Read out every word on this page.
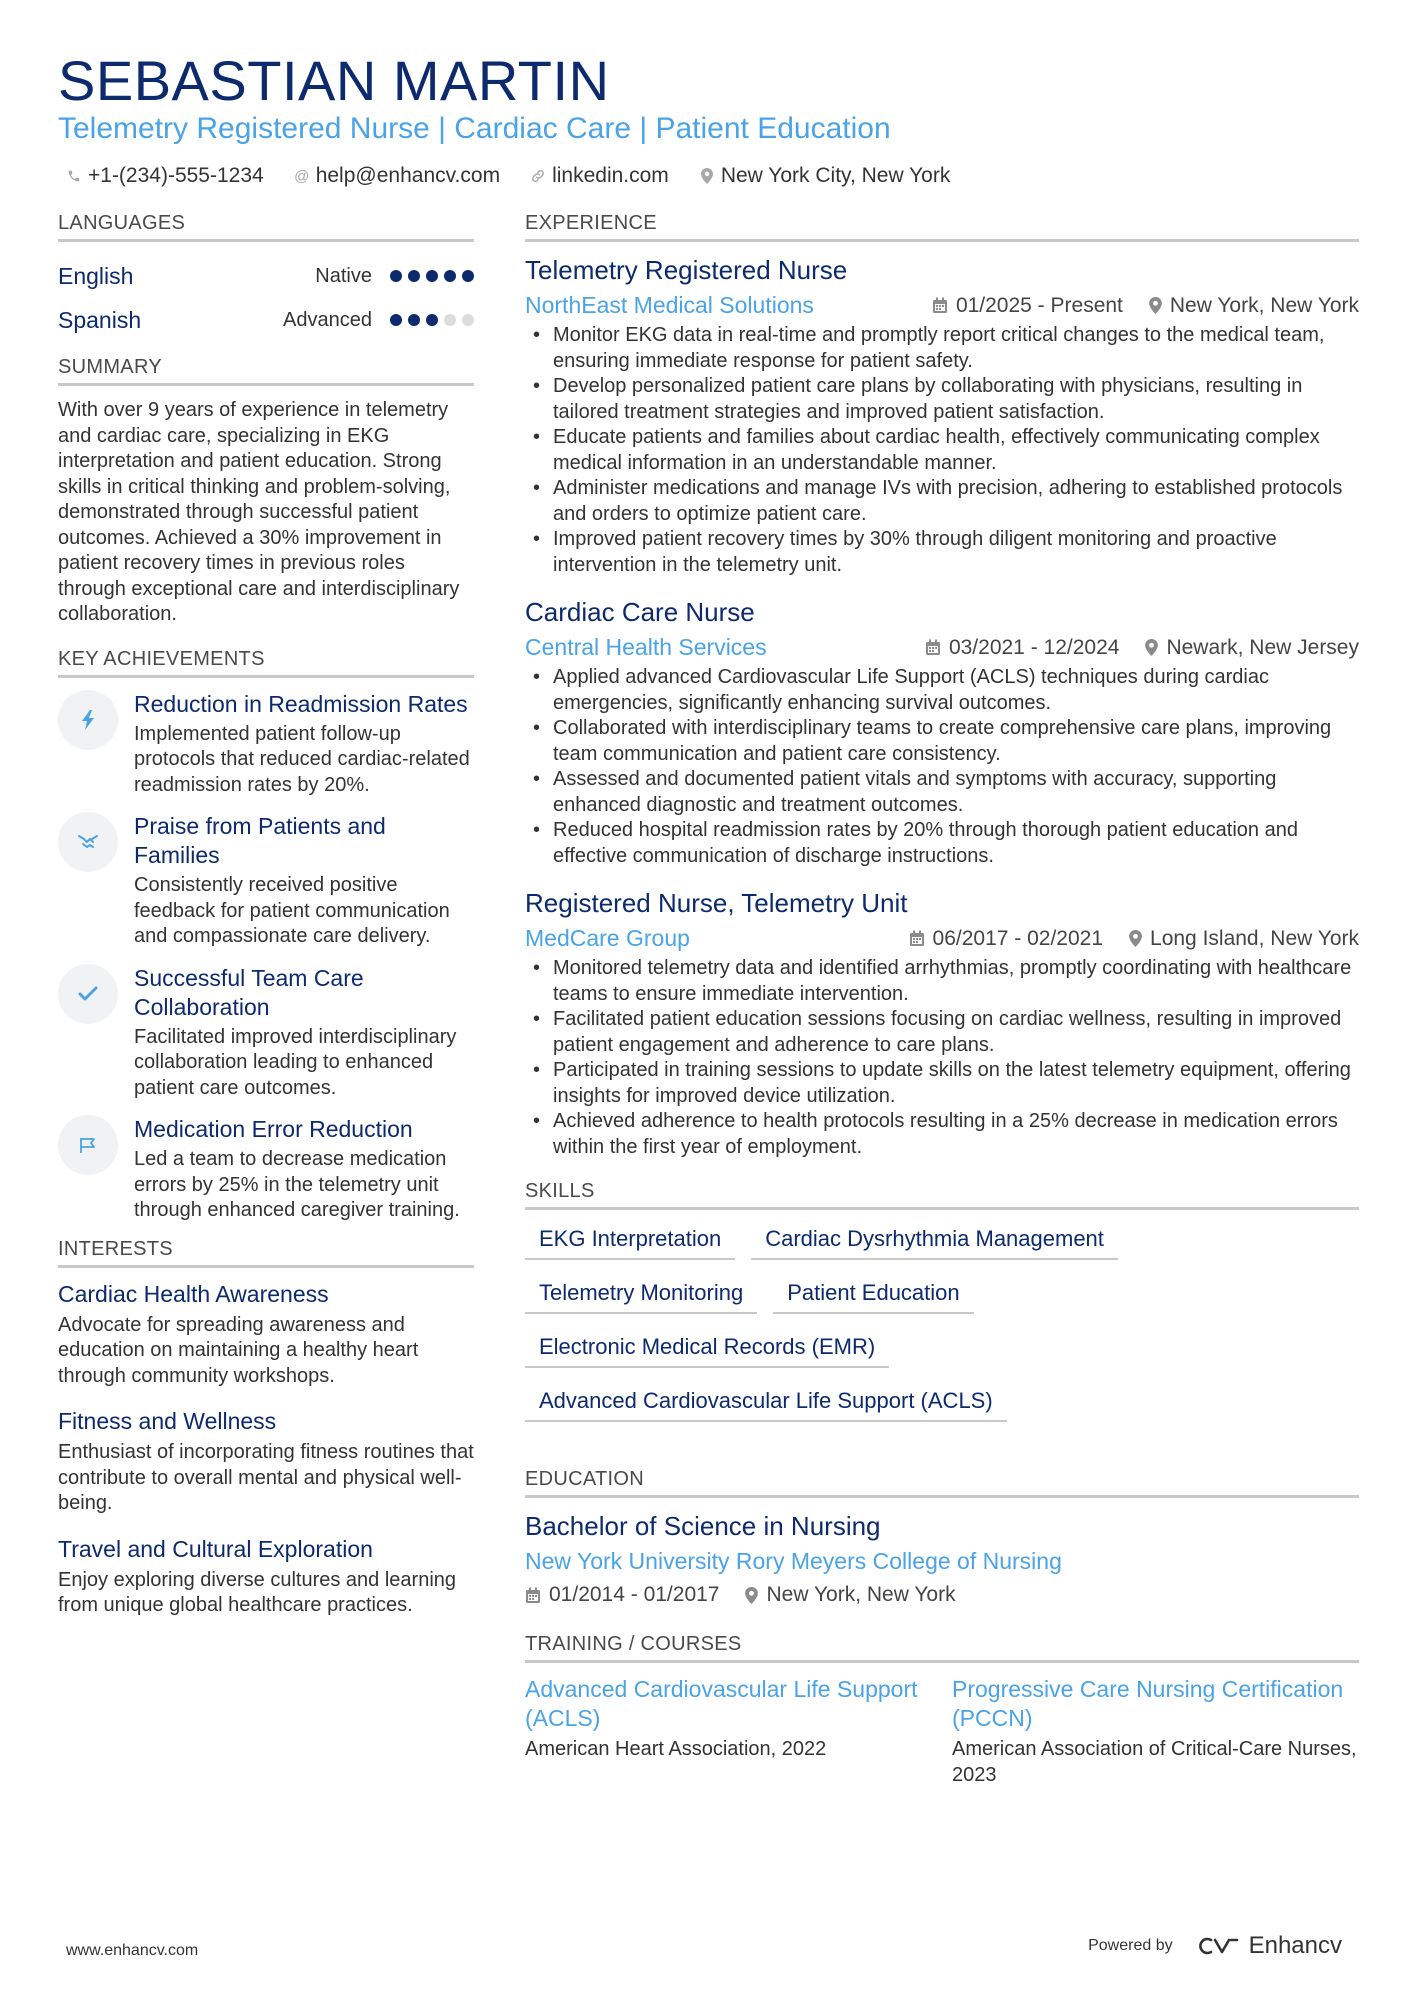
SEBASTIAN MARTIN
Telemetry Registered Nurse | Cardiac Care | Patient Education
+1-(234)-555-1234 @ help@enhancv.com linkedin.com New York City, New York
LANGUAGES
English	Native
Spanish	Advanced
SUMMARY
With over 9 years of experience in telemetry and cardiac care, specializing in EKG interpretation and patient education. Strong skills in critical thinking and problem-solving, demonstrated through successful patient outcomes. Achieved a 30% improvement in patient recovery times in previous roles through exceptional care and interdisciplinary collaboration.
KEY ACHIEVEMENTS
Reduction in Readmission Rates
Implemented patient follow-up protocols that reduced cardiac-related readmission rates by 20%.
Praise from Patients and Families
Consistently received positive feedback for patient communication and compassionate care delivery.
Successful Team Care Collaboration
Facilitated improved interdisciplinary collaboration leading to enhanced patient care outcomes.
Medication Error Reduction
Led a team to decrease medication errors by 25% in the telemetry unit through enhanced caregiver training.
INTERESTS
Cardiac Health Awareness
Advocate for spreading awareness and education on maintaining a healthy heart through community workshops.
Fitness and Wellness
Enthusiast of incorporating fitness routines that contribute to overall mental and physical well-being.
Travel and Cultural Exploration
Enjoy exploring diverse cultures and learning from unique global healthcare practices.
EXPERIENCE
Telemetry Registered Nurse
NorthEast Medical Solutions	01/2025 - Present New York, New York
• Monitor EKG data in real-time and promptly report critical changes to the medical team, ensuring immediate response for patient safety.
• Develop personalized patient care plans by collaborating with physicians, resulting in tailored treatment strategies and improved patient satisfaction.
• Educate patients and families about cardiac health, effectively communicating complex medical information in an understandable manner.
• Administer medications and manage IVs with precision, adhering to established protocols and orders to optimize patient care.
• Improved patient recovery times by 30% through diligent monitoring and proactive intervention in the telemetry unit.
Cardiac Care Nurse
Central Health Services	03/2021 - 12/2024 Newark, New Jersey
• Applied advanced Cardiovascular Life Support (ACLS) techniques during cardiac emergencies, significantly enhancing survival outcomes.
• Collaborated with interdisciplinary teams to create comprehensive care plans, improving team communication and patient care consistency.
• Assessed and documented patient vitals and symptoms with accuracy, supporting enhanced diagnostic and treatment outcomes.
• Reduced hospital readmission rates by 20% through thorough patient education and effective communication of discharge instructions.
Registered Nurse, Telemetry Unit
MedCare Group	06/2017 - 02/2021 Long Island, New York
• Monitored telemetry data and identified arrhythmias, promptly coordinating with healthcare teams to ensure immediate intervention.
• Facilitated patient education sessions focusing on cardiac wellness, resulting in improved patient engagement and adherence to care plans.
• Participated in training sessions to update skills on the latest telemetry equipment, offering insights for improved device utilization.
• Achieved adherence to health protocols resulting in a 25% decrease in medication errors within the first year of employment.
SKILLS
EKG Interpretation	Cardiac Dysrhythmia Management
Telemetry Monitoring	Patient Education
Electronic Medical Records (EMR)
Advanced Cardiovascular Life Support (ACLS)
EDUCATION
Bachelor of Science in Nursing
New York University Rory Meyers College of Nursing
01/2014 - 01/2017 New York, New York
TRAINING / COURSES
Advanced Cardiovascular Life Support (ACLS)
American Heart Association, 2022
Progressive Care Nursing Certification (PCCN)
American Association of Critical-Care Nurses, 2023
www.enhancv.com	Powered by	Enhancv
